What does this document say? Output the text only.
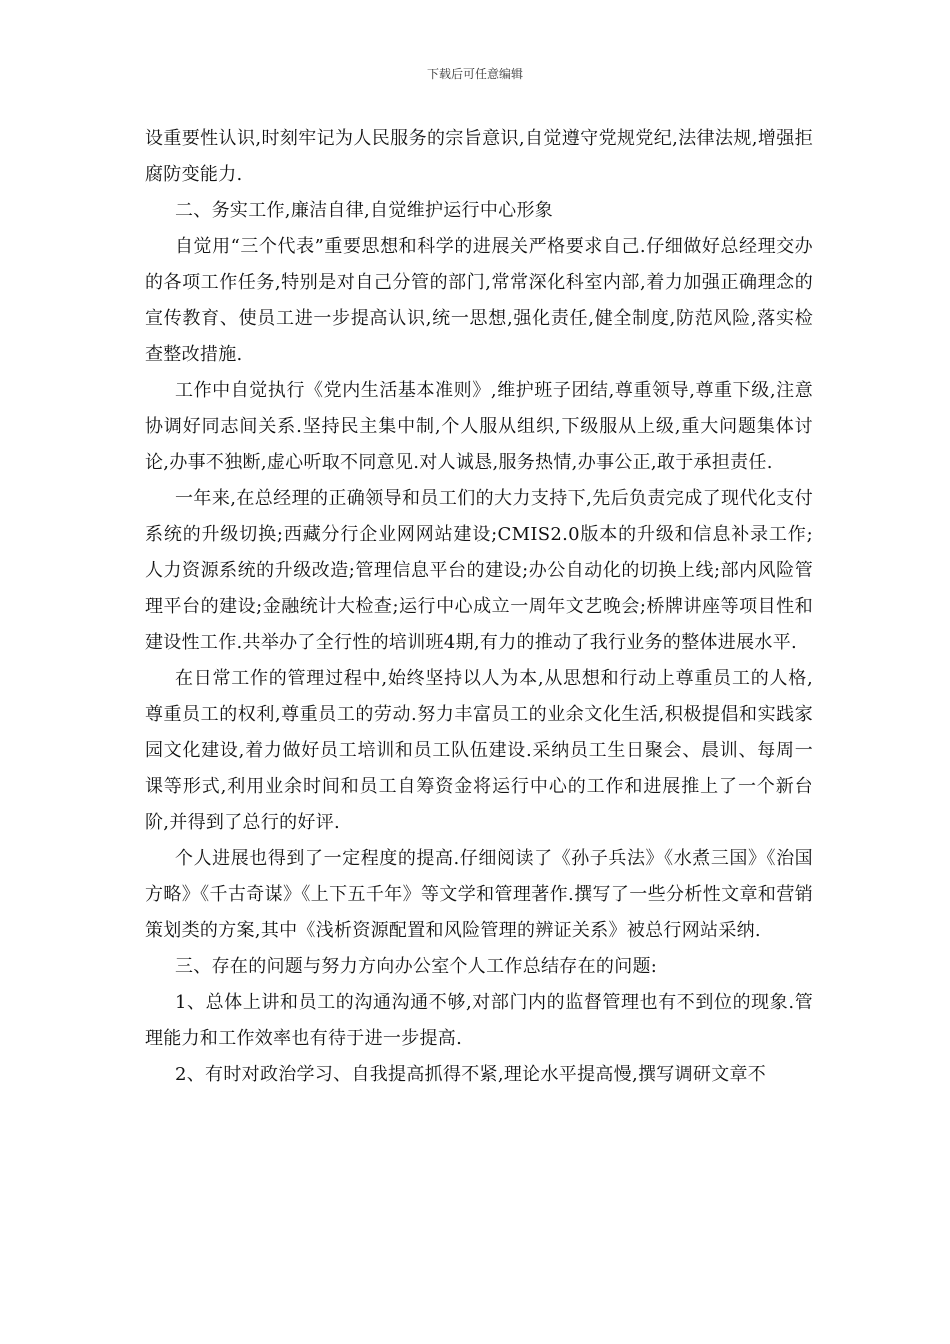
下载后可任意编辑

设重要性认识,时刻牢记为人民服务的宗旨意识,自觉遵守党规党纪,法律法规,增强拒腐防变能力.

二、务实工作,廉洁自律,自觉维护运行中心形象

自觉用“三个代表”重要思想和科学的进展关严格要求自己.仔细做好总经理交办的各项工作任务,特别是对自己分管的部门,常常深化科室内部,着力加强正确理念的宣传教育、使员工进一步提高认识,统一思想,强化责任,健全制度,防范风险,落实检查整改措施.

工作中自觉执行《党内生活基本准则》,维护班子团结,尊重领导,尊重下级,注意协调好同志间关系.坚持民主集中制,个人服从组织,下级服从上级,重大问题集体讨论,办事不独断,虚心听取不同意见.对人诚恳,服务热情,办事公正,敢于承担责任.

一年来,在总经理的正确领导和员工们的大力支持下,先后负责完成了现代化支付系统的升级切换;西藏分行企业网网站建设;CMIS2.0版本的升级和信息补录工作;人力资源系统的升级改造;管理信息平台的建设;办公自动化的切换上线;部内风险管理平台的建设;金融统计大检查;运行中心成立一周年文艺晚会;桥牌讲座等项目性和建设性工作.共举办了全行性的培训班4期,有力的推动了我行业务的整体进展水平.

在日常工作的管理过程中,始终坚持以人为本,从思想和行动上尊重员工的人格,尊重员工的权利,尊重员工的劳动.努力丰富员工的业余文化生活,积极提倡和实践家园文化建设,着力做好员工培训和员工队伍建设.采纳员工生日聚会、晨训、每周一课等形式,利用业余时间和员工自筹资金将运行中心的工作和进展推上了一个新台阶,并得到了总行的好评.

个人进展也得到了一定程度的提高.仔细阅读了《孙子兵法》《水煮三国》《治国方略》《千古奇谋》《上下五千年》等文学和管理著作.撰写了一些分析性文章和营销策划类的方案,其中《浅析资源配置和风险管理的辨证关系》被总行网站采纳.

三、存在的问题与努力方向办公室个人工作总结存在的问题:

1、总体上讲和员工的沟通沟通不够,对部门内的监督管理也有不到位的现象.管理能力和工作效率也有待于进一步提高.

2、有时对政治学习、自我提高抓得不紧,理论水平提高慢,撰写调研文章不
